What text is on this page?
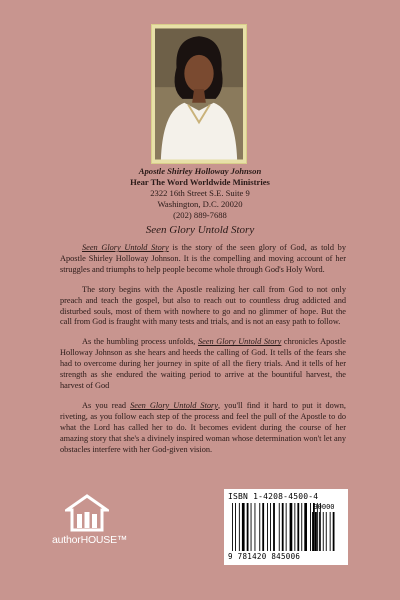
Apostle Shirley Holloway Johnson
Hear The Word Worldwide Ministries
2322 16th Street S.E. Suite 9
Washington, D.C. 20020
(202) 889-7688
Seen Glory Untold Story

Seen Glory Untold Story is the story of the seen glory of God, as told by Apostle Shirley Holloway Johnson. It is the compelling and moving account of her struggles and triumphs to help people become whole through God's Holy Word.

The story begins with the Apostle realizing her call from God to not only preach and teach the gospel, but also to reach out to countless drug addicted and disturbed souls, most of them with nowhere to go and no glimmer of hope. But the call from God is fraught with many tests and trials, and is not an easy path to follow.

As the humbling process unfolds, Seen Glory Untold Story chronicles Apostle Holloway Johnson as she hears and heeds the calling of God. It tells of the fears she had to overcome during her journey in spite of all the fiery trials. And it tells of her strength as she endured the waiting period to arrive at the bountiful harvest, the harvest of God

As you read Seen Glory Untold Story, you'll find it hard to put it down, riveting, as you follow each step of the process and feel the pull of the Apostle to do what the Lord has called her to do. It becomes evident during the course of her amazing story that she's a divinely inspired woman whose determination won't let any obstacles interfere with her God-given vision.

authorHOUSE™
ISBN 1-4208-4500-4
90000
9 781420 845006
